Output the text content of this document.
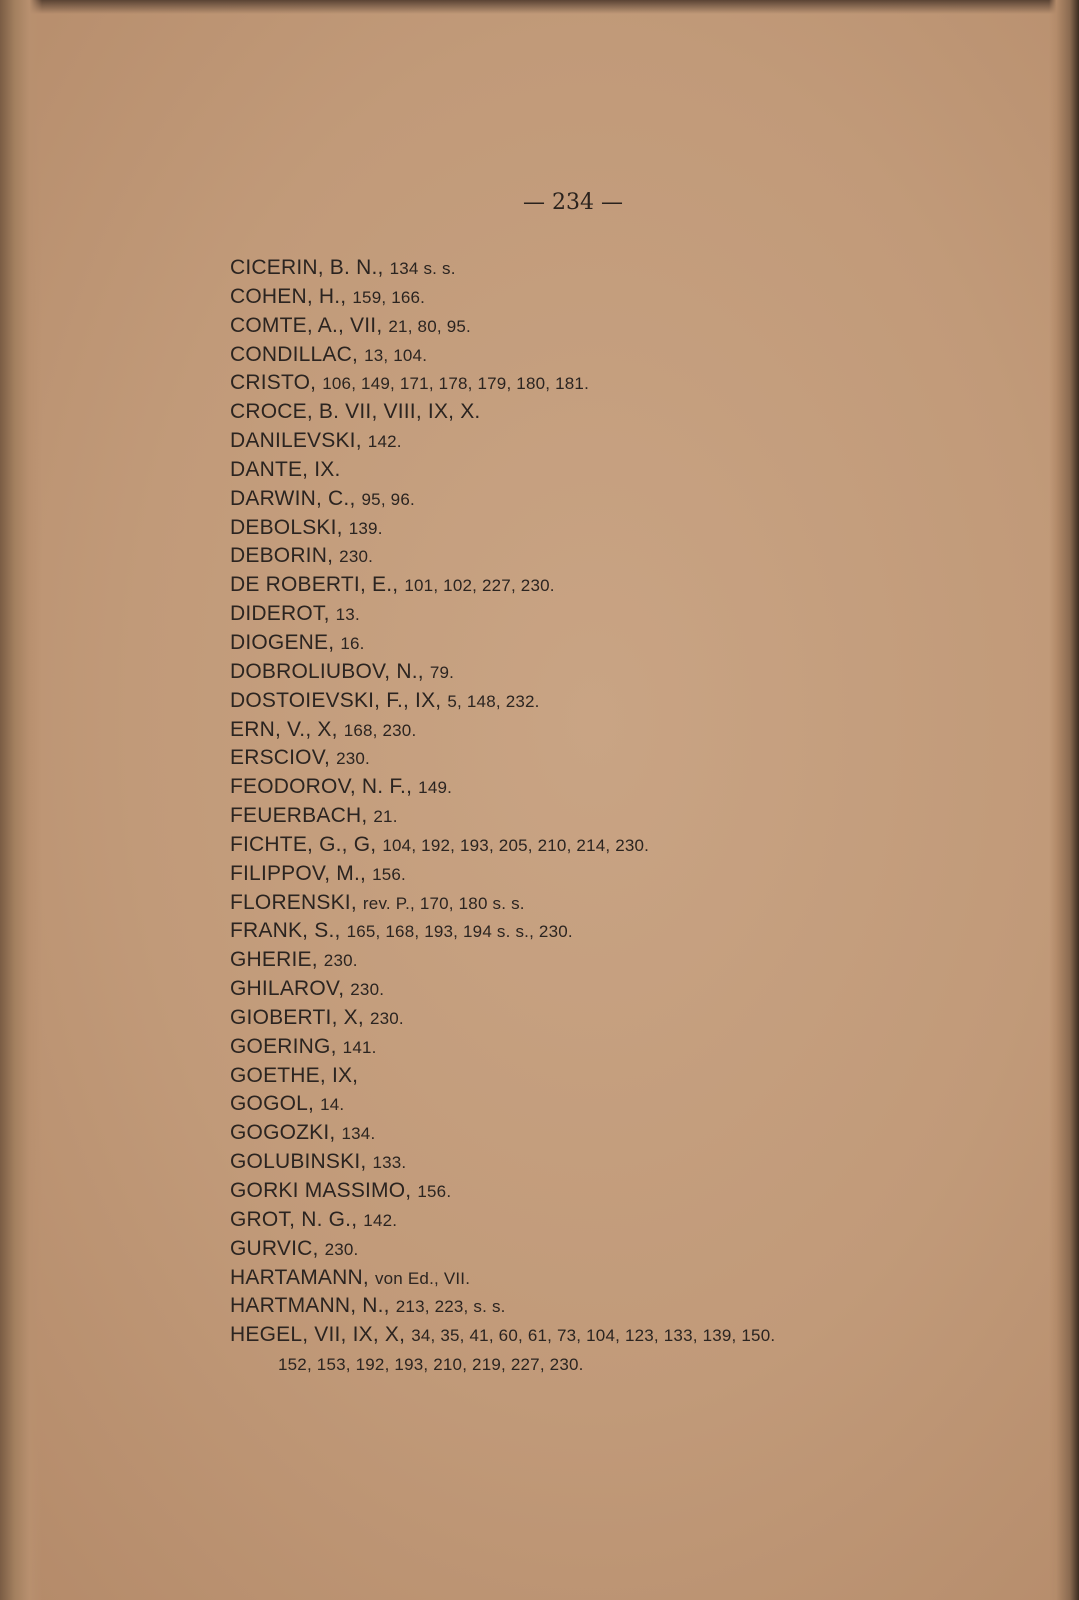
— 234 —
CICERIN, B. N., 134 s. s.
COHEN, H., 159, 166.
COMTE, A., VII, 21, 80, 95.
CONDILLAC, 13, 104.
CRISTO, 106, 149, 171, 178, 179, 180, 181.
CROCE, B. VII, VIII, IX, X.
DANILEVSKI, 142.
DANTE, IX.
DARWIN, C., 95, 96.
DEBOLSKI, 139.
DEBORIN, 230.
DE ROBERTI, E., 101, 102, 227, 230.
DIDEROT, 13.
DIOGENE, 16.
DOBROLIUBOV, N., 79.
DOSTOIEVSKI, F., IX, 5, 148, 232.
ERN, V., X, 168, 230.
ERSCIOV, 230.
FEODOROV, N. F., 149.
FEUERBACH, 21.
FICHTE, G., G, 104, 192, 193, 205, 210, 214, 230.
FILIPPOV, M., 156.
FLORENSKI, rev. P., 170, 180 s. s.
FRANK, S., 165, 168, 193, 194 s. s., 230.
GHERIE, 230.
GHILAROV, 230.
GIOBERTI, X, 230.
GOERING, 141.
GOETHE, IX,
GOGOL, 14.
GOGOZKI, 134.
GOLUBINSKI, 133.
GORKI MASSIMO, 156.
GROT, N. G., 142.
GURVIC, 230.
HARTAMANN, von Ed., VII.
HARTMANN, N., 213, 223, s. s.
HEGEL, VII, IX, X, 34, 35, 41, 60, 61, 73, 104, 123, 133, 139, 150.
152, 153, 192, 193, 210, 219, 227, 230.
